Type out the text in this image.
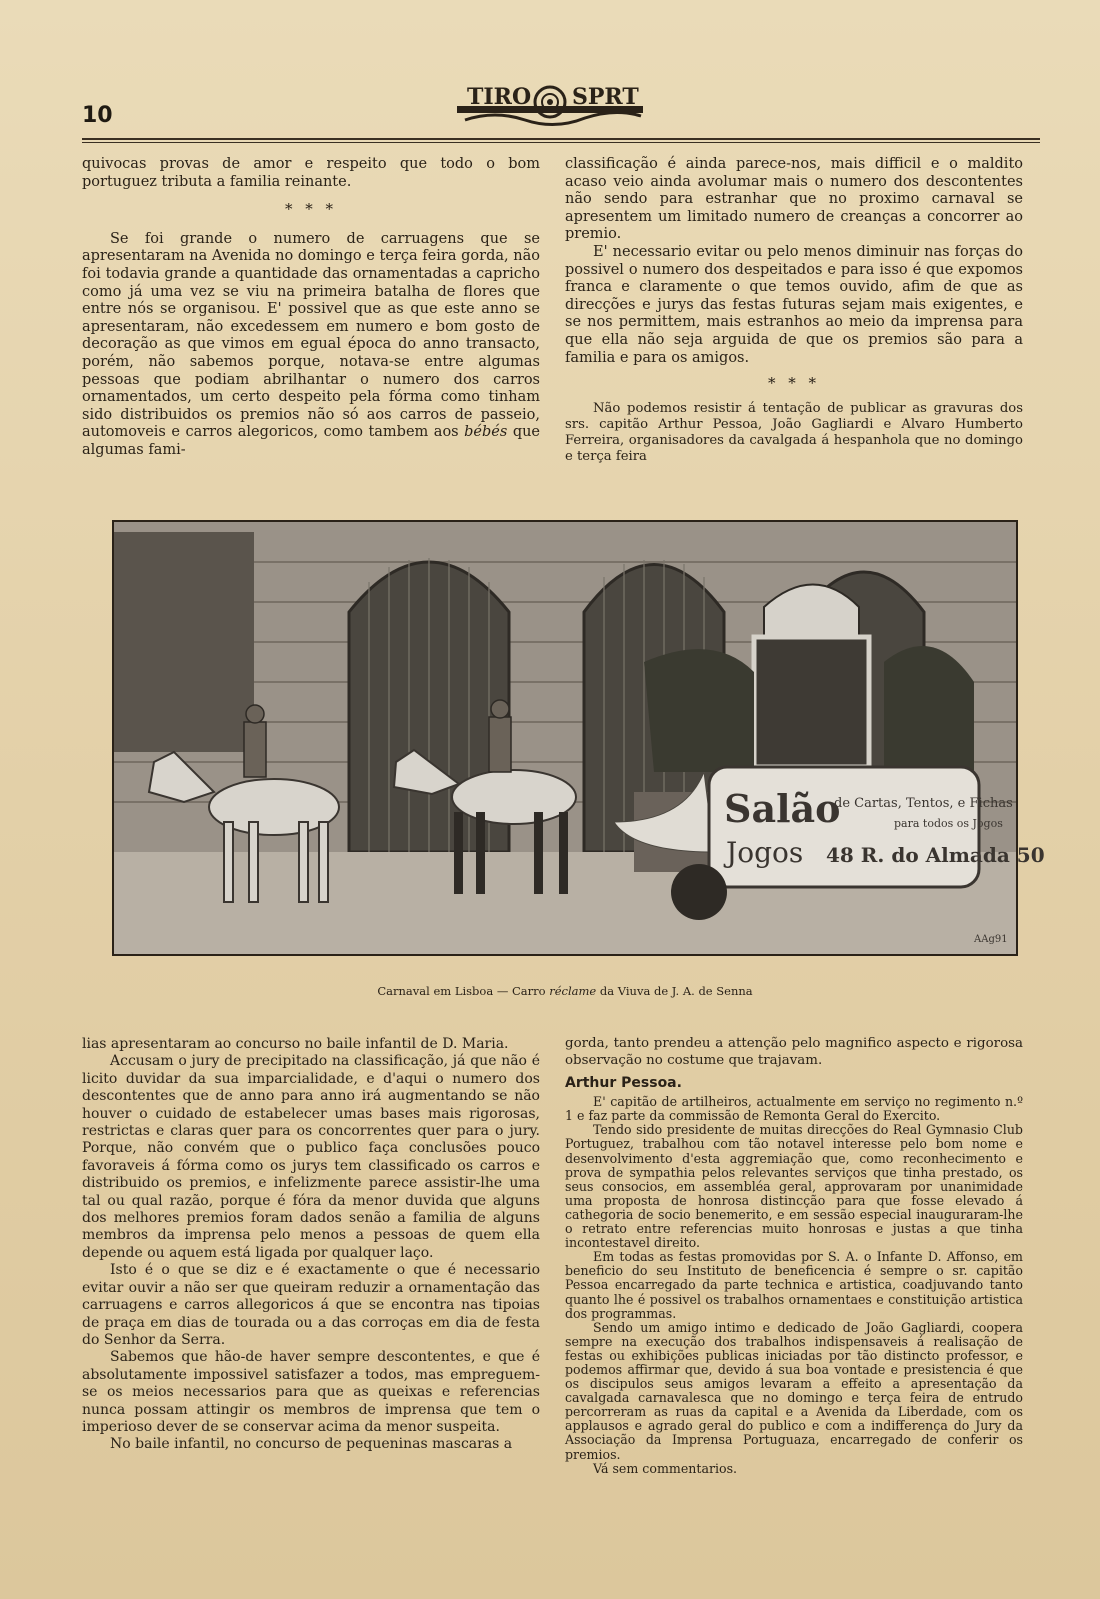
10
TIRO SPRT

quivocas provas de amor e respeito que todo o bom portuguez tributa a familia reinante.

* * *

Se foi grande o numero de carruagens que se apresentaram na Avenida no domingo e terça feira gorda, não foi todavia grande a quantidade das ornamentadas a capricho como já uma vez se viu na primeira batalha de flores que entre nós se organisou. E' possivel que as que este anno se apresentaram, não excedessem em numero e bom gosto de decoração as que vimos em egual época do anno transacto, porém, não sabemos porque, notava-se entre algumas pessoas que podiam abrilhantar o numero dos carros ornamentados, um certo despeito pela fórma como tinham sido distribuidos os premios não só aos carros de passeio, automoveis e carros alegoricos, como tambem aos bébés que algumas fami-

classificação é ainda parece-nos, mais difficil e o maldito acaso veio ainda avolumar mais o numero dos descontentes não sendo para estranhar que no proximo carnaval se apresentem um limitado numero de creanças a concorrer ao premio.

E' necessario evitar ou pelo menos diminuir nas forças do possivel o numero dos despeitados e para isso é que expomos franca e claramente o que temos ouvido, afim de que as direcções e jurys das festas futuras sejam mais exigentes, e se nos permittem, mais estranhos ao meio da imprensa para que ella não seja arguida de que os premios são para a familia e para os amigos.

* * *

Não podemos resistir á tentação de publicar as gravuras dos srs. capitão Arthur Pessoa, João Gagliardi e Alvaro Humberto Ferreira, organisadores da cavalgada á hespanhola que no domingo e terça feira

Salão
de Cartas, Tentos, e Fichas
para todos os Jogos
Jogos 48 R. do Almada 50
AAg91
Carnaval em Lisboa — Carro réclame da Viuva de J. A. de Senna

lias apresentaram ao concurso no baile infantil de D. Maria.

Accusam o jury de precipitado na classificação, já que não é licito duvidar da sua imparcialidade, e d'aqui o numero dos descontentes que de anno para anno irá augmentando se não houver o cuidado de estabelecer umas bases mais rigorosas, restrictas e claras quer para os concorrentes quer para o jury. Porque, não convém que o publico faça conclusões pouco favoraveis á fórma como os jurys tem classificado os carros e distribuido os premios, e infelizmente parece assistir-lhe uma tal ou qual razão, porque é fóra da menor duvida que alguns dos melhores premios foram dados senão a familia de alguns membros da imprensa pelo menos a pessoas de quem ella depende ou aquem está ligada por qualquer laço.

Isto é o que se diz e é exactamente o que é necessario evitar ouvir a não ser que queiram reduzir a ornamentação das carruagens e carros allegoricos á que se encontra nas tipoias de praça em dias de tourada ou a das corroças em dia de festa do Senhor da Serra.

Sabemos que hão-de haver sempre descontentes, e que é absolutamente impossivel satisfazer a todos, mas empreguem-se os meios necessarios para que as queixas e referencias nunca possam attingir os membros de imprensa que tem o imperioso dever de se conservar acima da menor suspeita.

No baile infantil, no concurso de pequeninas mascaras a

gorda, tanto prendeu a attenção pelo magnifico aspecto e rigorosa observação no costume que trajavam.

Arthur Pessoa.

E' capitão de artilheiros, actualmente em serviço no regimento n.º 1 e faz parte da commissão de Remonta Geral do Exercito.

Tendo sido presidente de muitas direcções do Real Gymnasio Club Portuguez, trabalhou com tão notavel interesse pelo bom nome e desenvolvimento d'esta aggremiação que, como reconhecimento e prova de sympathia pelos relevantes serviços que tinha prestado, os seus consocios, em assembléa geral, approvaram por unanimidade uma proposta de honrosa distincção para que fosse elevado á cathegoria de socio benemerito, e em sessão especial inauguraram-lhe o retrato entre referencias muito honrosas e justas a que tinha incontestavel direito.

Em todas as festas promovidas por S. A. o Infante D. Affonso, em beneficio do seu Instituto de beneficencia é sempre o sr. capitão Pessoa encarregado da parte technica e artistica, coadjuvando tanto quanto lhe é possivel os trabalhos ornamentaes e constituição artistica dos programmas.

Sendo um amigo intimo e dedicado de João Gagliardi, coopera sempre na execução dos trabalhos indispensaveis á realisação de festas ou exhibições publicas iniciadas por tão distincto professor, e podemos affirmar que, devido á sua boa vontade e presistencia é que os discipulos seus amigos levaram a effeito a apresentação da cavalgada carnavalesca que no domingo e terça feira de entrudo percorreram as ruas da capital e a Avenida da Liberdade, com os applausos e agrado geral do publico e com a indifferença do Jury da Associação da Imprensa Portuguaza, encarregado de conferir os premios.

Vá sem commentarios.
